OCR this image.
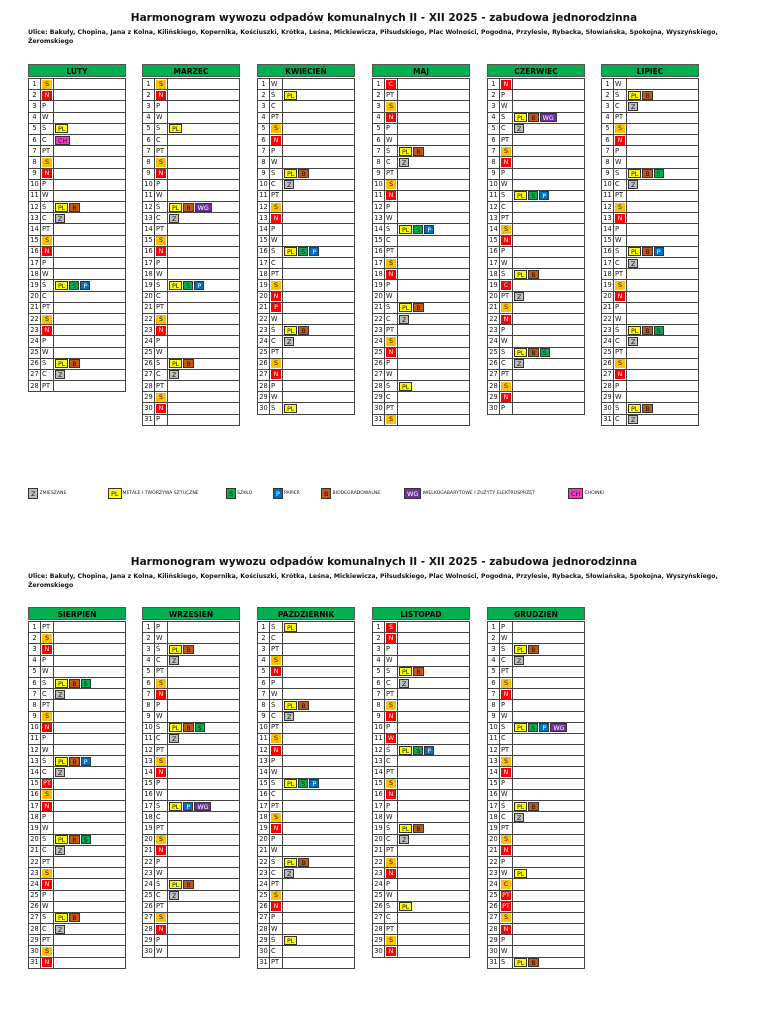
Harmonogram wywozu odpadów komunalnych II - XII 2025 - zabudowa jednorodzinna
Ulice: Bakuły, Chopina, Jana z Kolna, Kilińskiego, Kopernika, Kościuszki, Krótka, Leśna, Mickiewicza, Piłsudskiego, Plac Wolności, Pogodna, Przylesie, Rybacka, Słowiańska, Spokojna, Wyszyńskiego, Żeromskiego
LUTY
1	S	
2	N	
3	P	
4	W	
5	Ś	PL
6	C	CH
7	PT	
8	S	
9	N	
10	P	
11	W	
12	Ś	PL B
13	C	Z
14	PT	
15	S	
16	N	
17	P	
18	W	
19	Ś	PL S P
20	C	
21	PT	
22	S	
23	N	
24	P	
25	W	
26	Ś	PL B
27	C	Z
28	PT	
MARZEC
1	S	
2	N	
3	P	
4	W	
5	Ś	PL
6	C	
7	PT	
8	S	
9	N	
10	P	
11	W	
12	Ś	PL B WG
13	C	Z
14	PT	
15	S	
16	N	
17	P	
18	W	
19	Ś	PL S P
20	C	
21	PT	
22	S	
23	N	
24	P	
25	W	
26	Ś	PL B
27	C	Z
28	PT	
29	S	
30	N	
31	P	
KWIECIEŃ
1	W	
2	Ś	PL
3	C	
4	PT	
5	S	
6	N	
7	P	
8	W	
9	Ś	PL B
10	C	Z
11	PT	
12	S	
13	N	
14	P	
15	W	
16	Ś	PL S P
17	C	
18	PT	
19	S	
20	N	
21	P	
22	W	
23	Ś	PL B
24	C	Z
25	PT	
26	S	
27	N	
28	P	
29	W	
30	Ś	PL
MAJ
1	C	
2	PT	
3	S	
4	N	
5	P	
6	W	
7	Ś	PL B
8	C	Z
9	PT	
10	S	
11	N	
12	P	
13	W	
14	Ś	PL S P
15	C	
16	PT	
17	S	
18	N	
19	P	
20	W	
21	Ś	PL B
22	C	Z
23	PT	
24	S	
25	N	
26	P	
27	W	
28	Ś	PL
29	C	
30	PT	
31	S	
CZERWIEC
1	N	
2	P	
3	W	
4	Ś	PL B WG
5	C	Z
6	PT	
7	S	
8	N	
9	P	
10	W	
11	Ś	PL S P
12	C	
13	PT	
14	S	
15	N	
16	P	
17	W	
18	Ś	PL B
19	C	
20	PT	Z
21	S	
22	N	
23	P	
24	W	
25	Ś	PL B S
26	C	Z
27	PT	
28	S	
29	N	
30	P	
LIPIEC
1	W	
2	Ś	PL B
3	C	Z
4	PT	
5	S	
6	N	
7	P	
8	W	
9	Ś	PL B S
10	C	Z
11	PT	
12	S	
13	N	
14	P	
15	W	
16	Ś	PL B P
17	C	Z
18	PT	
19	S	
20	N	
21	P	
22	W	
23	Ś	PL B S
24	C	Z
25	PT	
26	S	
27	N	
28	P	
29	W	
30	Ś	PL B
31	C	Z
Z ZMIESZANE	PL METALE I TWORZYWA SZTUCZNE	S SZKŁO	P PAPIER	B BIODEGRADOWALNE	WG WIELKOGABARYTOWE I ZUŻYTY ELEKTROSPRZĘT	CH CHOINKI
Harmonogram wywozu odpadów komunalnych II - XII 2025 - zabudowa jednorodzinna
Ulice: Bakuły, Chopina, Jana z Kolna, Kilińskiego, Kopernika, Kościuszki, Krótka, Leśna, Mickiewicza, Piłsudskiego, Plac Wolności, Pogodna, Przylesie, Rybacka, Słowiańska, Spokojna, Wyszyńskiego, Żeromskiego
SIERPIEŃ
1	PT	
2	S	
3	N	
4	P	
5	W	
6	Ś	PL B S
7	C	Z
8	PT	
9	S	
10	N	
11	P	
12	W	
13	Ś	PL B P
14	C	Z
15	PT	
16	S	
17	N	
18	P	
19	W	
20	Ś	PL B S
21	C	Z
22	PT	
23	S	
24	N	
25	P	
26	W	
27	Ś	PL B
28	C	Z
29	PT	
30	S	
31	N	
WRZESIEŃ
1	P	
2	W	
3	Ś	PL B
4	C	Z
5	PT	
6	S	
7	N	
8	P	
9	W	
10	Ś	PL B S
11	C	Z
12	PT	
13	S	
14	N	
15	P	
16	W	
17	Ś	PL P WG
18	C	
19	PT	
20	S	
21	N	
22	P	
23	W	
24	Ś	PL B
25	C	Z
26	PT	
27	S	
28	N	
29	P	
30	W	
PAŹDZIERNIK
1	Ś	PL
2	C	
3	PT	
4	S	
5	N	
6	P	
7	W	
8	Ś	PL B
9	C	Z
10	PT	
11	S	
12	N	
13	P	
14	W	
15	Ś	PL S P
16	C	
17	PT	
18	S	
19	N	
20	P	
21	W	
22	Ś	PL B
23	C	Z
24	PT	
25	S	
26	N	
27	P	
28	W	
29	Ś	PL
30	C	
31	PT	
LISTOPAD
1	S	
2	N	
3	P	
4	W	
5	Ś	PL B
6	C	Z
7	PT	
8	S	
9	N	
10	P	
11	W	
12	Ś	PL S P
13	C	
14	PT	
15	S	
16	N	
17	P	
18	W	
19	Ś	PL B
20	C	Z
21	PT	
22	S	
23	N	
24	P	
25	W	
26	Ś	PL
27	C	
28	PT	
29	S	
30	N	
GRUDZIEŃ
1	P	
2	W	
3	Ś	PL B
4	C	Z
5	PT	
6	S	
7	N	
8	P	
9	W	
10	Ś	PL S P WG
11	C	
12	PT	
13	S	
14	N	
15	P	
16	W	
17	Ś	PL B
18	C	Z
19	PT	
20	S	
21	N	
22	P	
23	W	PL
24	C	
25	PT	
26	PT	
27	S	
28	N	
29	P	
30	W	
31	Ś	PL B
